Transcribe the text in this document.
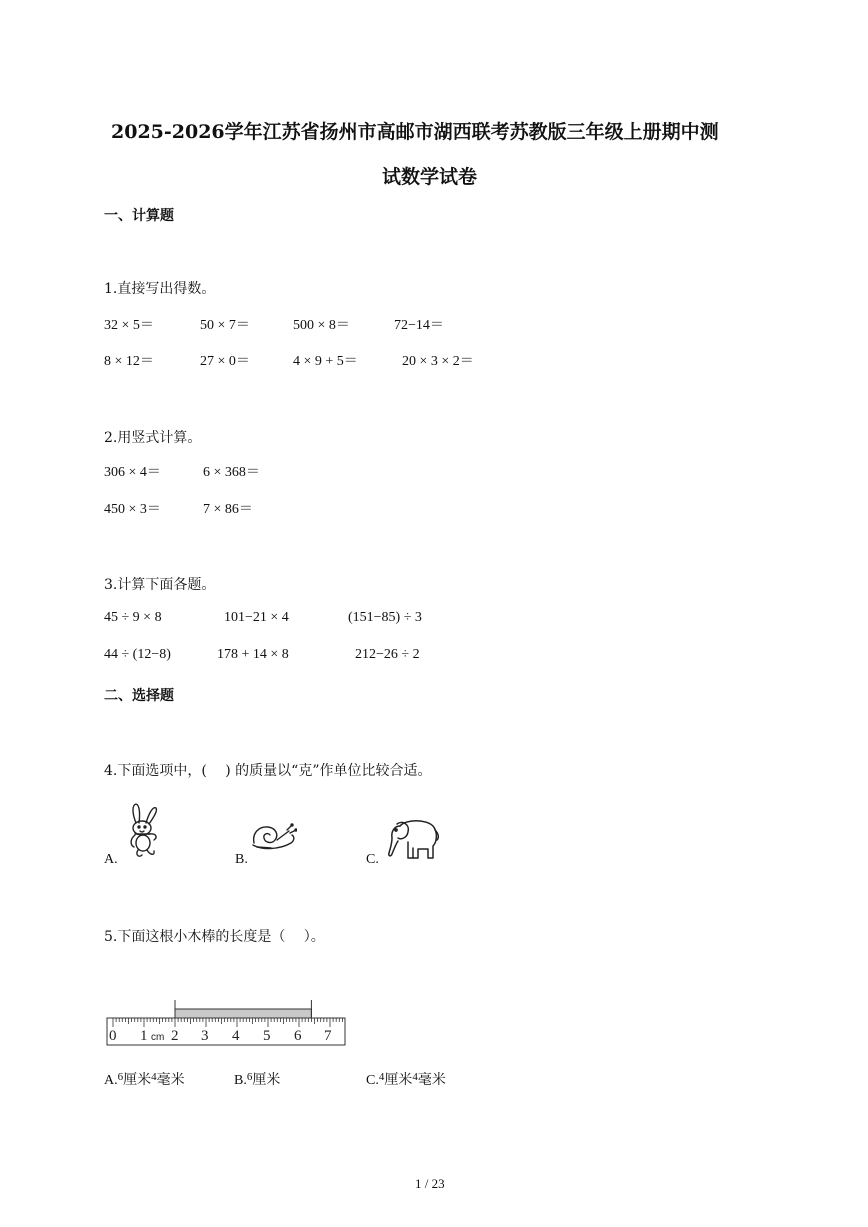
2025-2026学年江苏省扬州市高邮市湖西联考苏教版三年级上册期中测
试数学试卷
一、计算题
1.直接写出得数。
32 × 5＝	50 × 7＝	500 × 8＝	72−14＝
8 × 12＝	27 × 0＝	4 × 9 + 5＝	20 × 3 × 2＝
2.用竖式计算。
306 × 4＝	6 × 368＝
450 × 3＝	7 × 86＝
3.计算下面各题。
45 ÷ 9 × 8	101−21 × 4	(151−85) ÷ 3
44 ÷ (12−8)	178 + 14 × 8	212−26 ÷ 2
二、选择题
4.下面选项中，(　 ) 的质量以“克”作单位比较合适。
A.	B.	C.
5.下面这根小木棒的长度是（　 ）。
0 1 cm 2 3 4 5 6 7
A.$^6$厘米$^4$毫米	B.$^6$厘米	C.$^4$厘米$^4$毫米
1 / 23
